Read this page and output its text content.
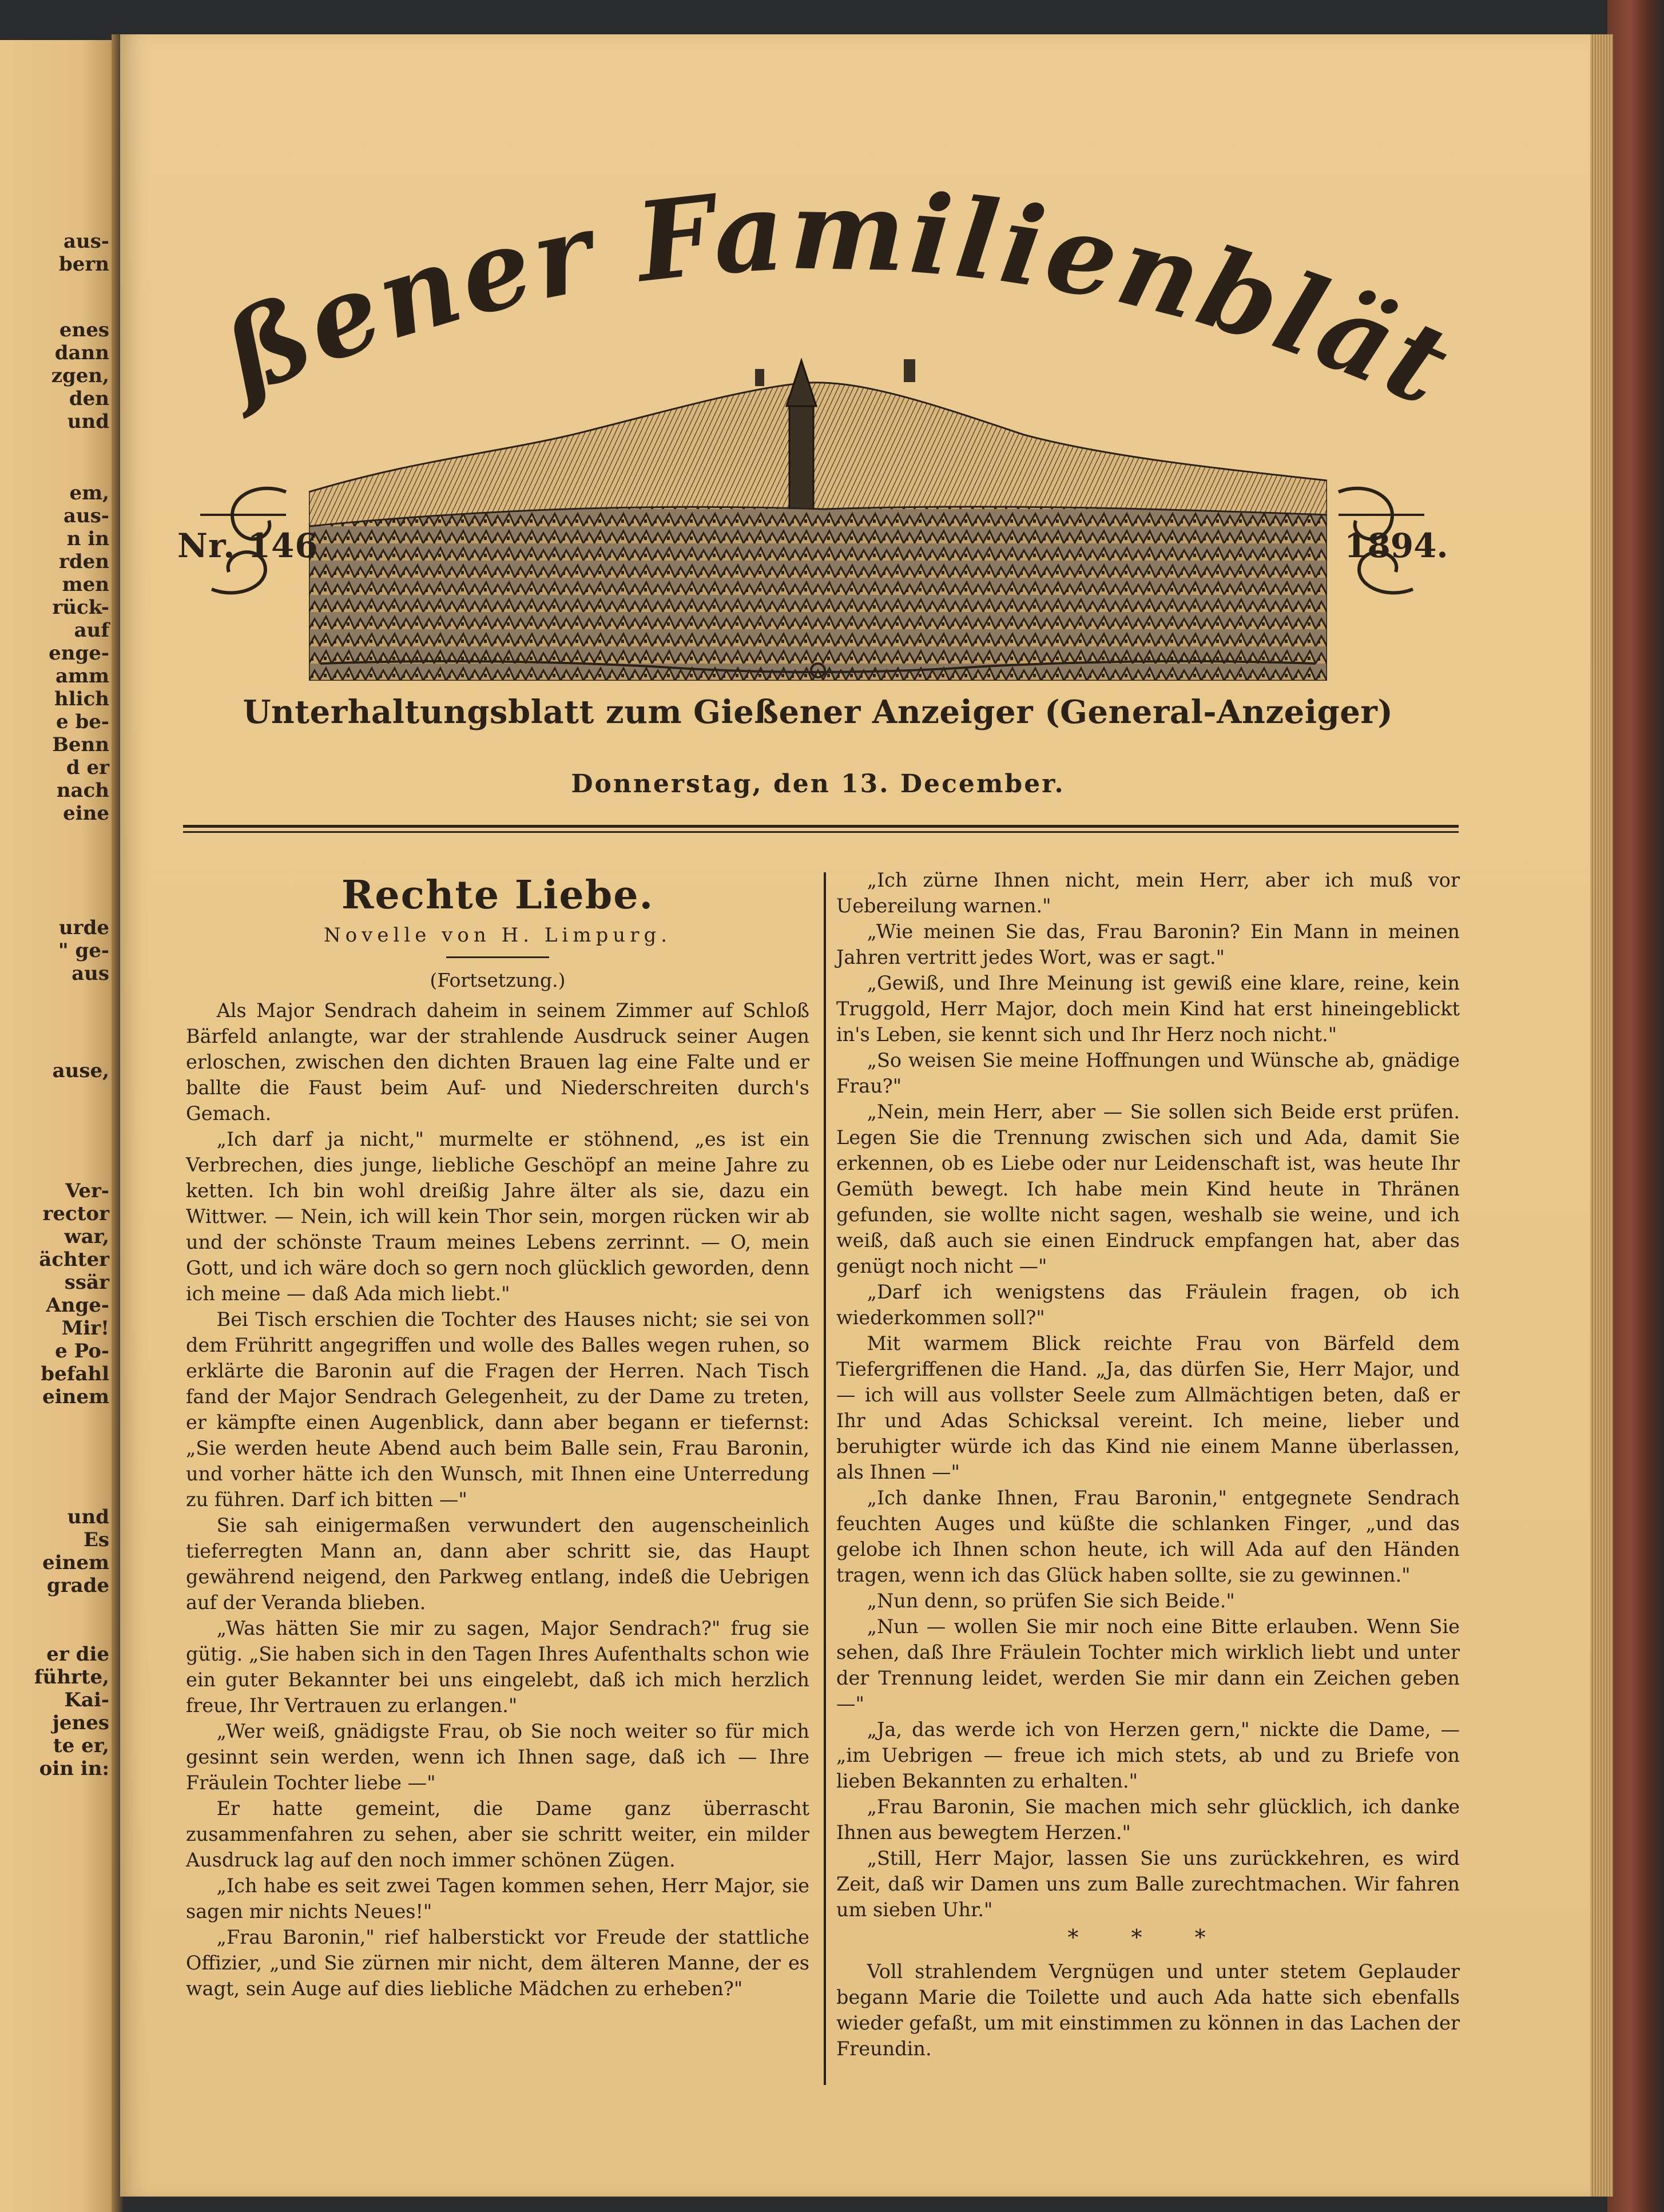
aus-
bern
enes
dann
zgen,
den
und
em,
aus-
n in
rden
men
rück-
auf
enge-
amm
hlich
e be-
Benn
d er
nach
eine
urde
" ge-
aus
ause,
Ver-
rector
war,
ächter
ssär
Ange-
Mir!
e Po-
befahl
einem
und
Es
einem
grade
er die
führte,
Kai-
jenes
te er,
oin in:
ßener Familienblä
Nr. 146	1894.
Unterhaltungsblatt zum Gießener Anzeiger (General-Anzeiger)
Donnerstag, den 13. December.
Rechte Liebe.
Novelle von H. Limpurg.
(Fortsetzung.)

Als Major Sendrach daheim in seinem Zimmer auf Schloß Bärfeld anlangte, war der strahlende Ausdruck seiner Augen erloschen, zwischen den dichten Brauen lag eine Falte und er ballte die Faust beim Auf- und Niederschreiten durch's Gemach.

„Ich darf ja nicht," murmelte er stöhnend, „es ist ein Verbrechen, dies junge, liebliche Geschöpf an meine Jahre zu ketten. Ich bin wohl dreißig Jahre älter als sie, dazu ein Wittwer. — Nein, ich will kein Thor sein, morgen rücken wir ab und der schönste Traum meines Lebens zerrinnt. — O, mein Gott, und ich wäre doch so gern noch glücklich geworden, denn ich meine — daß Ada mich liebt."

Bei Tisch erschien die Tochter des Hauses nicht; sie sei von dem Frühritt angegriffen und wolle des Balles wegen ruhen, so erklärte die Baronin auf die Fragen der Herren. Nach Tisch fand der Major Sendrach Gelegenheit, zu der Dame zu treten, er kämpfte einen Augenblick, dann aber begann er tiefernst: „Sie werden heute Abend auch beim Balle sein, Frau Baronin, und vorher hätte ich den Wunsch, mit Ihnen eine Unterredung zu führen. Darf ich bitten —"

Sie sah einigermaßen verwundert den augenscheinlich tieferregten Mann an, dann aber schritt sie, das Haupt gewährend neigend, den Parkweg entlang, indeß die Uebrigen auf der Veranda blieben.

„Was hätten Sie mir zu sagen, Major Sendrach?" frug sie gütig. „Sie haben sich in den Tagen Ihres Aufenthalts schon wie ein guter Bekannter bei uns eingelebt, daß ich mich herzlich freue, Ihr Vertrauen zu erlangen."

„Wer weiß, gnädigste Frau, ob Sie noch weiter so für mich gesinnt sein werden, wenn ich Ihnen sage, daß ich — Ihre Fräulein Tochter liebe —"

Er hatte gemeint, die Dame ganz überrascht zusammenfahren zu sehen, aber sie schritt weiter, ein milder Ausdruck lag auf den noch immer schönen Zügen.

„Ich habe es seit zwei Tagen kommen sehen, Herr Major, sie sagen mir nichts Neues!"

„Frau Baronin," rief halberstickt vor Freude der stattliche Offizier, „und Sie zürnen mir nicht, dem älteren Manne, der es wagt, sein Auge auf dies liebliche Mädchen zu erheben?"

„Ich zürne Ihnen nicht, mein Herr, aber ich muß vor Uebereilung warnen."

„Wie meinen Sie das, Frau Baronin? Ein Mann in meinen Jahren vertritt jedes Wort, was er sagt."

„Gewiß, und Ihre Meinung ist gewiß eine klare, reine, kein Truggold, Herr Major, doch mein Kind hat erst hineingeblickt in's Leben, sie kennt sich und Ihr Herz noch nicht."

„So weisen Sie meine Hoffnungen und Wünsche ab, gnädige Frau?"

„Nein, mein Herr, aber — Sie sollen sich Beide erst prüfen. Legen Sie die Trennung zwischen sich und Ada, damit Sie erkennen, ob es Liebe oder nur Leidenschaft ist, was heute Ihr Gemüth bewegt. Ich habe mein Kind heute in Thränen gefunden, sie wollte nicht sagen, weshalb sie weine, und ich weiß, daß auch sie einen Eindruck empfangen hat, aber das genügt noch nicht —"

„Darf ich wenigstens das Fräulein fragen, ob ich wiederkommen soll?"

Mit warmem Blick reichte Frau von Bärfeld dem Tiefergriffenen die Hand. „Ja, das dürfen Sie, Herr Major, und — ich will aus vollster Seele zum Allmächtigen beten, daß er Ihr und Adas Schicksal vereint. Ich meine, lieber und beruhigter würde ich das Kind nie einem Manne überlassen, als Ihnen —"

„Ich danke Ihnen, Frau Baronin," entgegnete Sendrach feuchten Auges und küßte die schlanken Finger, „und das gelobe ich Ihnen schon heute, ich will Ada auf den Händen tragen, wenn ich das Glück haben sollte, sie zu gewinnen."

„Nun denn, so prüfen Sie sich Beide."

„Nun — wollen Sie mir noch eine Bitte erlauben. Wenn Sie sehen, daß Ihre Fräulein Tochter mich wirklich liebt und unter der Trennung leidet, werden Sie mir dann ein Zeichen geben —"

„Ja, das werde ich von Herzen gern," nickte die Dame, — „im Uebrigen — freue ich mich stets, ab und zu Briefe von lieben Bekannten zu erhalten."

„Frau Baronin, Sie machen mich sehr glücklich, ich danke Ihnen aus bewegtem Herzen."

„Still, Herr Major, lassen Sie uns zurückkehren, es wird Zeit, daß wir Damen uns zum Balle zurechtmachen. Wir fahren um sieben Uhr."

* * *

Voll strahlendem Vergnügen und unter stetem Geplauder begann Marie die Toilette und auch Ada hatte sich ebenfalls wieder gefaßt, um mit einstimmen zu können in das Lachen der Freundin.
